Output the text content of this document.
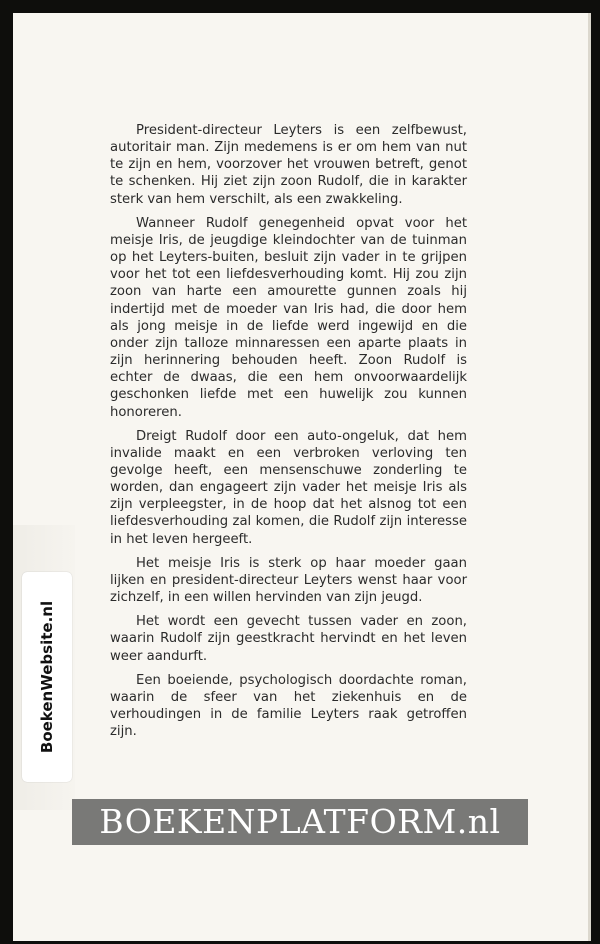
President-directeur Leyters is een zelfbewust, autoritair man. Zijn medemens is er om hem van nut te zijn en hem, voorzover het vrouwen betreft, genot te schenken. Hij ziet zijn zoon Rudolf, die in karakter sterk van hem verschilt, als een zwakkeling.

Wanneer Rudolf genegenheid opvat voor het meisje Iris, de jeugdige kleindochter van de tuinman op het Leyters-buiten, besluit zijn vader in te grijpen voor het tot een liefdesverhouding komt. Hij zou zijn zoon van harte een amourette gunnen zoals hij indertijd met de moeder van Iris had, die door hem als jong meisje in de liefde werd ingewijd en die onder zijn talloze minnaressen een aparte plaats in zijn herinnering behouden heeft. Zoon Rudolf is echter de dwaas, die een hem onvoorwaardelijk geschonken liefde met een huwelijk zou kunnen honoreren.

Dreigt Rudolf door een auto-ongeluk, dat hem invalide maakt en een verbroken verloving ten gevolge heeft, een mensenschuwe zonderling te worden, dan engageert zijn vader het meisje Iris als zijn verpleegster, in de hoop dat het alsnog tot een liefdesverhouding zal komen, die Rudolf zijn interesse in het leven hergeeft.

Het meisje Iris is sterk op haar moeder gaan lijken en president-directeur Leyters wenst haar voor zichzelf, in een willen hervinden van zijn jeugd.

Het wordt een gevecht tussen vader en zoon, waarin Rudolf zijn geestkracht hervindt en het leven weer aandurft.

Een boeiende, psychologisch doordachte roman, waarin de sfeer van het ziekenhuis en de verhoudingen in de familie Leyters raak getroffen zijn.

BoekenWebsite.nl
BOEKENPLATFORM.nl
